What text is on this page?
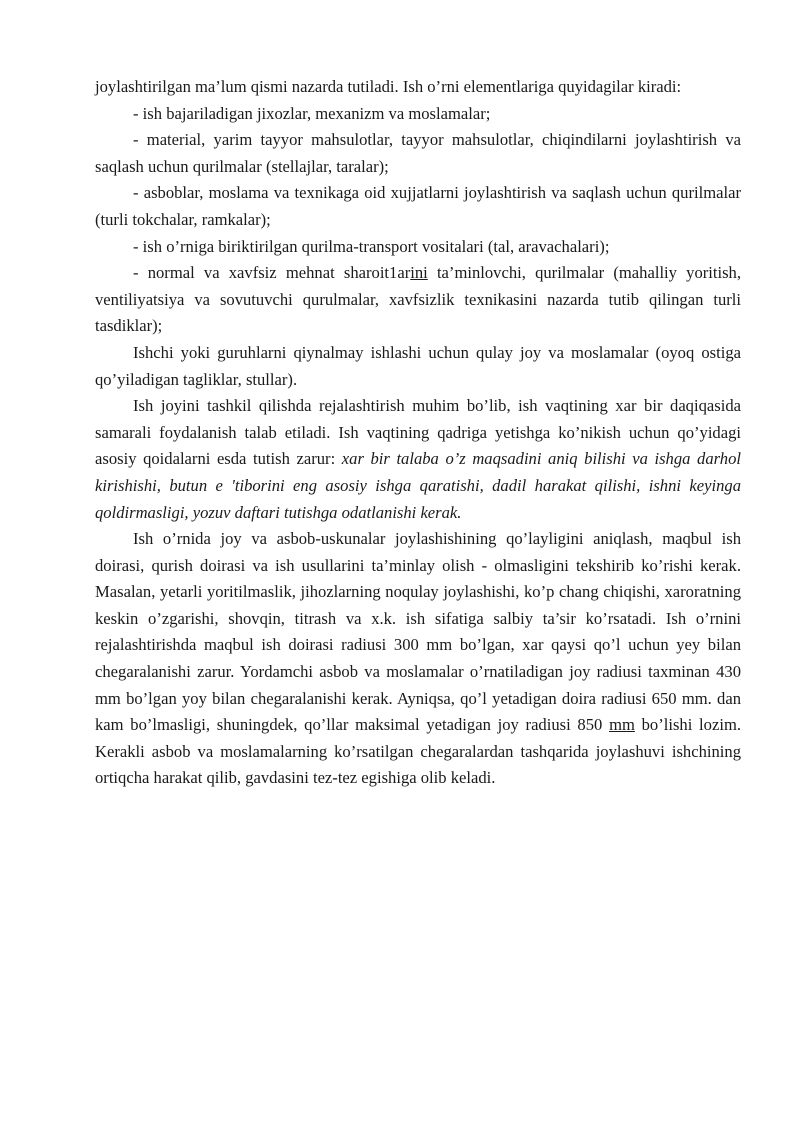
joylashtirilgan ma’lum qismi nazarda tutiladi. Ish o’rni elementlariga quyidagilar kiradi:

- ish bajariladigan jixozlar, mexanizm va moslamalar;

- material, yarim tayyor mahsulotlar, tayyor mahsulotlar, chiqindilarni joylashtirish va saqlash uchun qurilmalar (stellajlar, taralar);

- asboblar, moslama va texnikaga oid xujjatlarni joylashtirish va saqlash uchun qurilmalar (turli tokchalar, ramkalar);

- ish o’rniga biriktirilgan qurilma-transport vositalari (tal, aravachalari);

- normal va xavfsiz mehnat sharoit1arini ta’minlovchi, qurilmalar (mahalliy yoritish, ventiliyatsiya va sovutuvchi qurulmalar, xavfsizlik texnikasini nazarda tutib qilingan turli tasdiklar);

Ishchi yoki guruhlarni qiynalmay ishlashi uchun qulay joy va moslamalar (oyoq ostiga qo’yiladigan tagliklar, stullar).

Ish joyini tashkil qilishda rejalashtirish muhim bo’lib, ish vaqtining xar bir daqiqasida samarali foydalanish talab etiladi. Ish vaqtining qadriga yetishga ko’nikish uchun qo’yidagi asosiy qoidalarni esda tutish zarur: xar bir talaba o’z maqsadini aniq bilishi va ishga darhol kirishishi, butun e 'tiborini eng asosiy ishga qaratishi, dadil harakat qilishi, ishni keyinga qoldirmasligi, yozuv daftari tutishga odatlanishi kerak.

Ish o’rnida joy va asbob-uskunalar joylashishining qo’layligini aniqlash, maqbul ish doirasi, qurish doirasi va ish usullarini ta’minlay olish - olmasligini tekshirib ko’rishi kerak. Masalan, yetarli yoritilmaslik, jihozlarning noqulay joylashishi, ko’p chang chiqishi, xaroratning keskin o’zgarishi, shovqin, titrash va x.k. ish sifatiga salbiy ta’sir ko’rsatadi. Ish o’rnini rejalashtirishda maqbul ish doirasi radiusi 300 mm bo’lgan, xar qaysi qo’l uchun yey bilan chegaralanishi zarur. Yordamchi asbob va moslamalar o’rnatiladigan joy radiusi taxminan 430 mm bo’lgan yoy bilan chegaralanishi kerak. Ayniqsa, qo’l yetadigan doira radiusi 650 mm. dan kam bo’lmasligi, shuningdek, qo’llar maksimal yetadigan joy radiusi 850 mm bo’lishi lozim. Kerakli asbob va moslamalarning ko’rsatilgan chegaralardan tashqarida joylashuvi ishchining ortiqcha harakat qilib, gavdasini tez-tez egishiga olib keladi.
